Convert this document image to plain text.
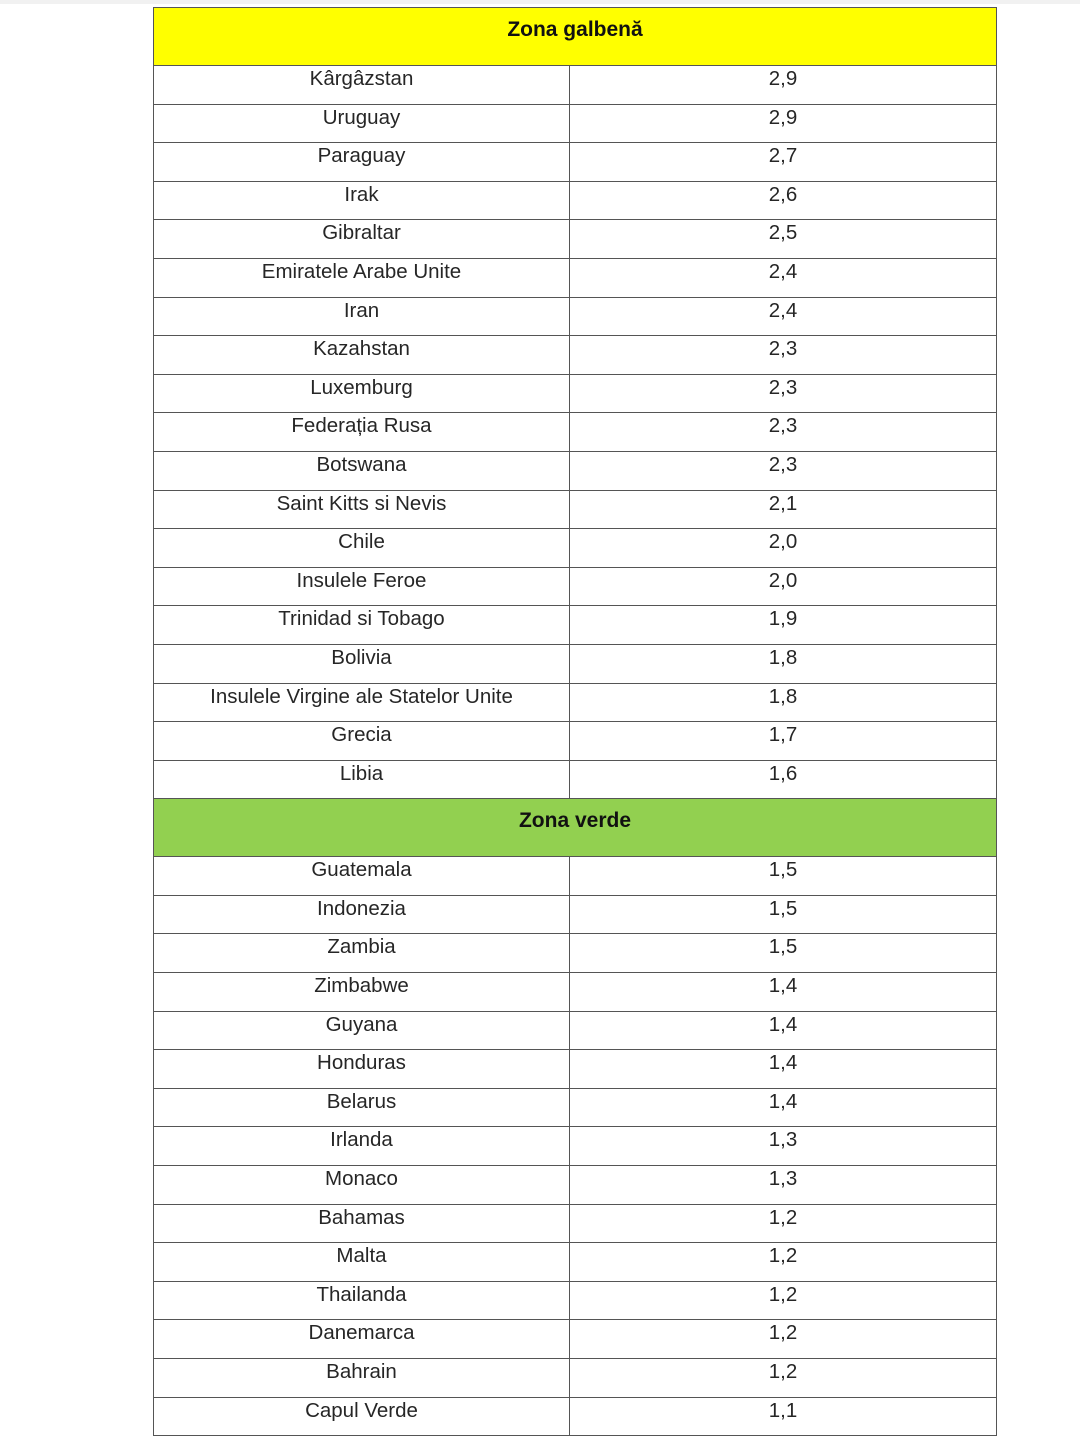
Zona galbenă
Kârgâzstan	2,9
Uruguay	2,9
Paraguay	2,7
Irak	2,6
Gibraltar	2,5
Emiratele Arabe Unite	2,4
Iran	2,4
Kazahstan	2,3
Luxemburg	2,3
Federația Rusa	2,3
Botswana	2,3
Saint Kitts si Nevis	2,1
Chile	2,0
Insulele Feroe	2,0
Trinidad si Tobago	1,9
Bolivia	1,8
Insulele Virgine ale Statelor Unite	1,8
Grecia	1,7
Libia	1,6
Zona verde
Guatemala	1,5
Indonezia	1,5
Zambia	1,5
Zimbabwe	1,4
Guyana	1,4
Honduras	1,4
Belarus	1,4
Irlanda	1,3
Monaco	1,3
Bahamas	1,2
Malta	1,2
Thailanda	1,2
Danemarca	1,2
Bahrain	1,2
Capul Verde	1,1
